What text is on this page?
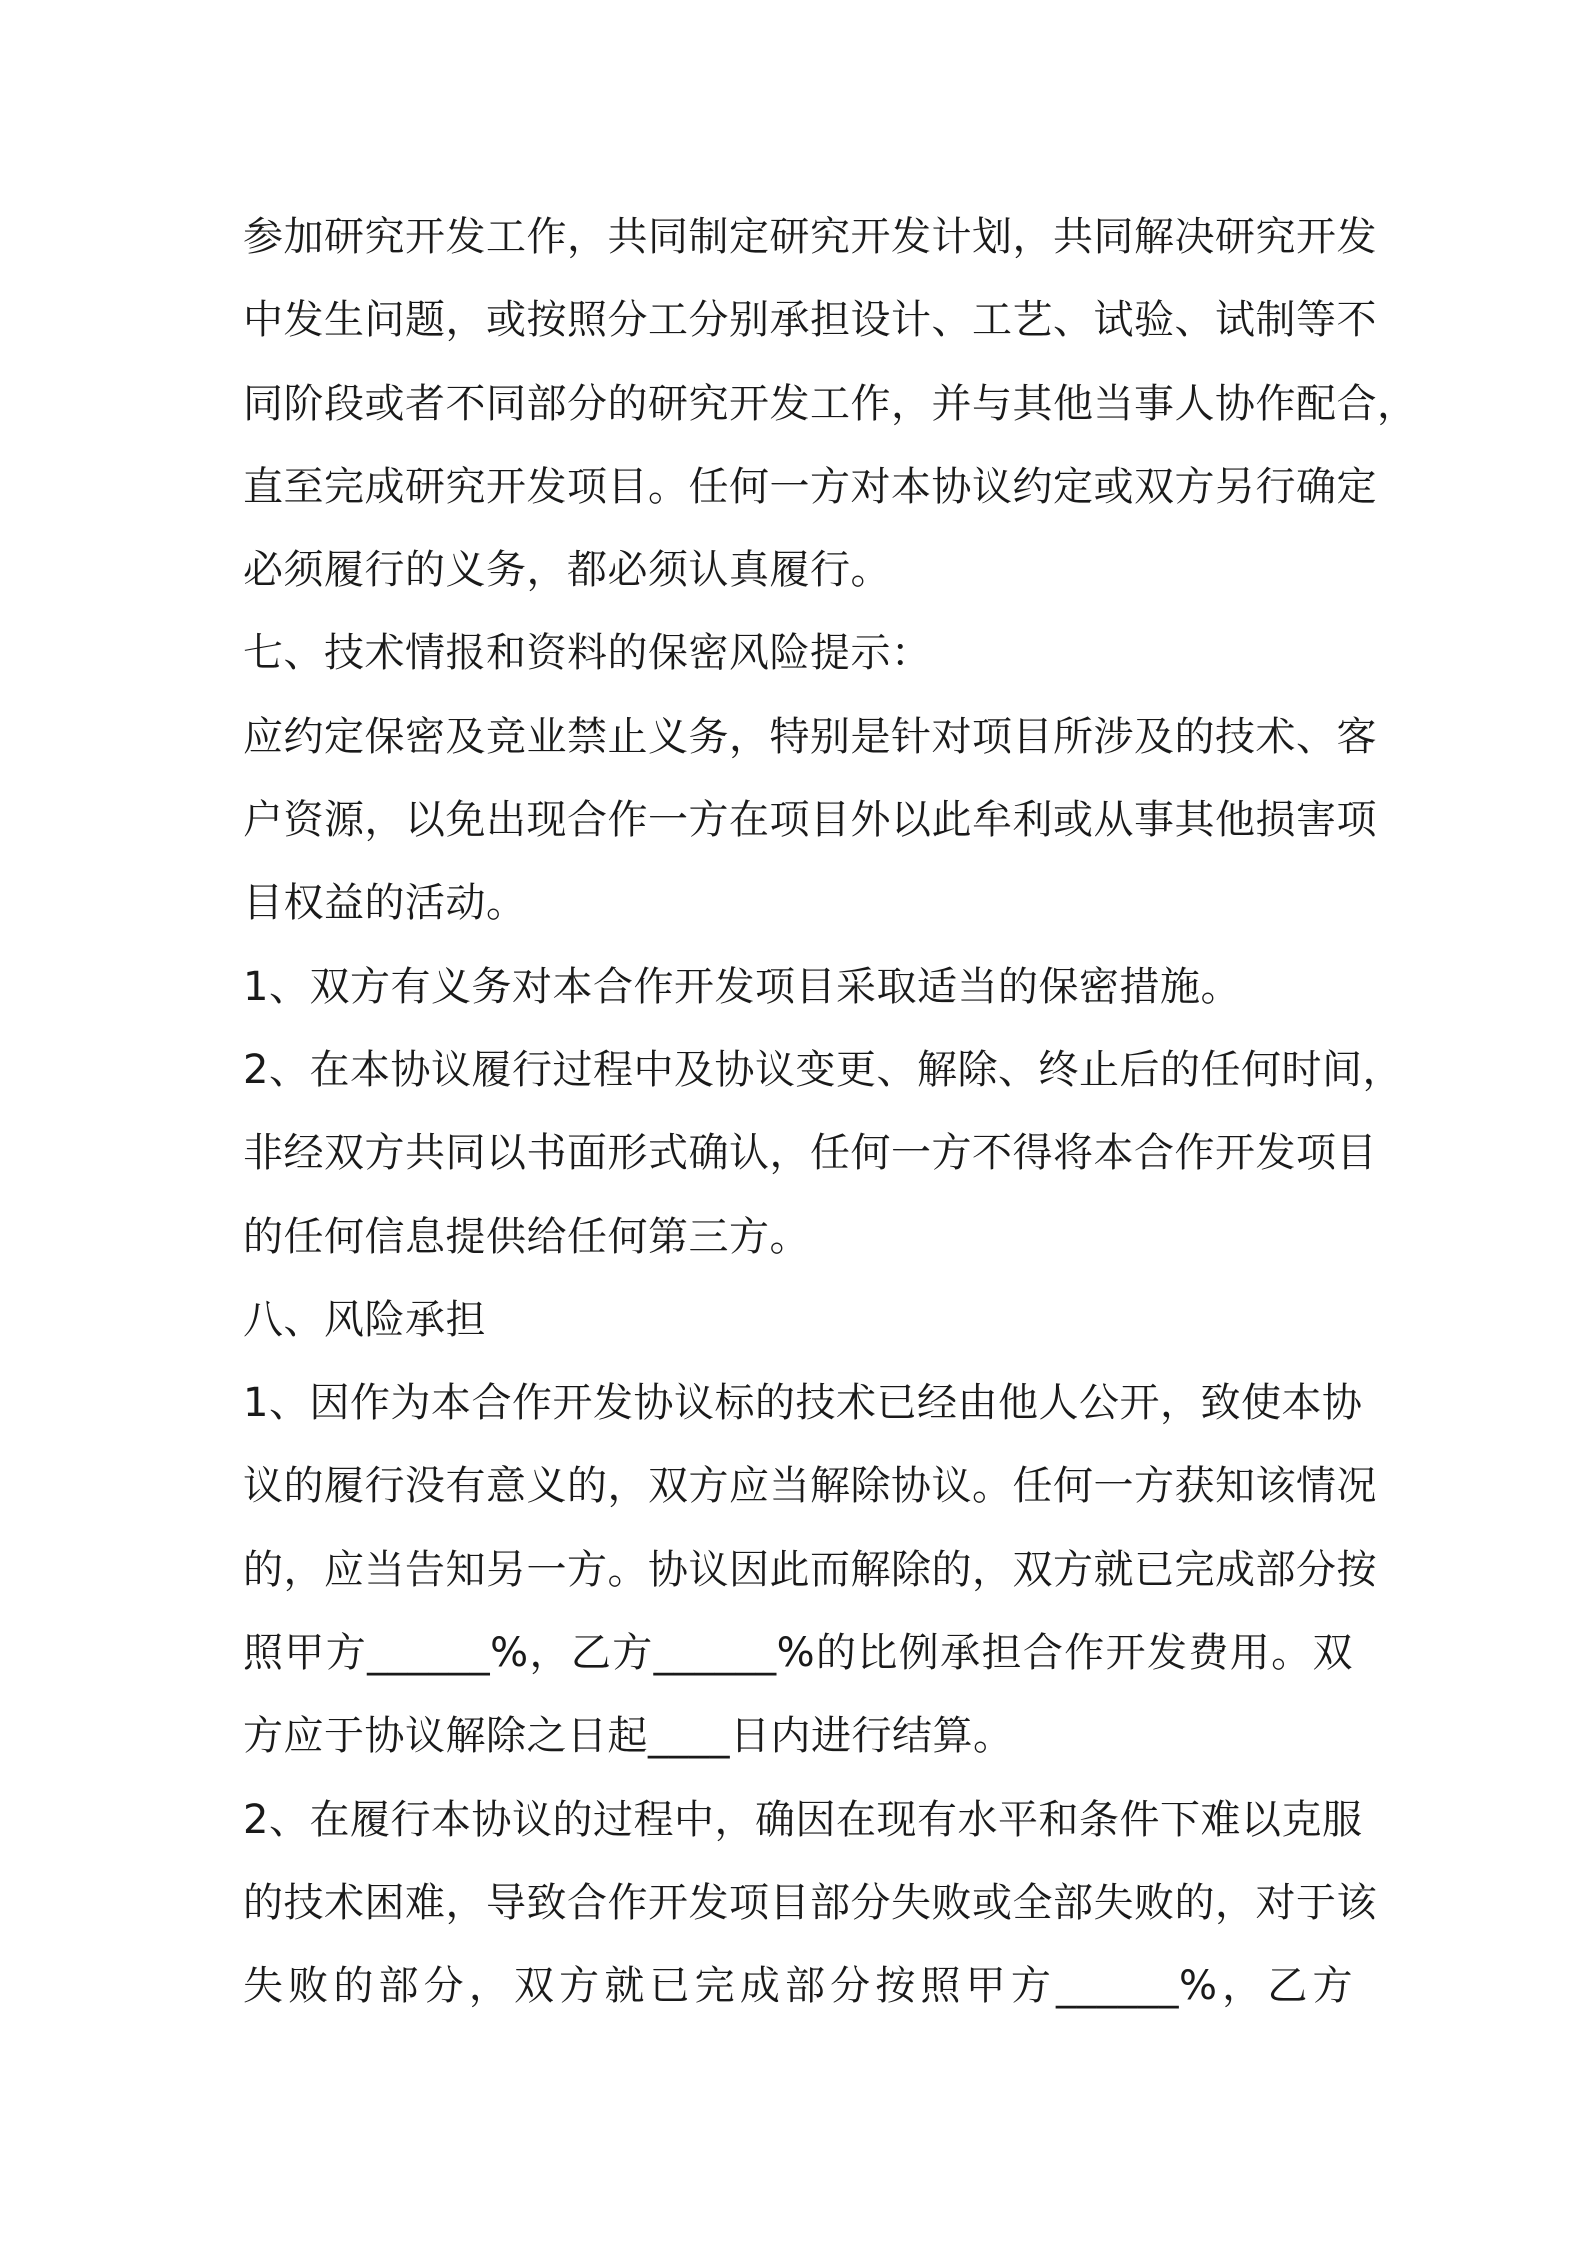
参加研究开发工作，共同制定研究开发计划，共同解决研究开发
中发生问题，或按照分工分别承担设计、工艺、试验、试制等不
同阶段或者不同部分的研究开发工作，并与其他当事人协作配合，
直至完成研究开发项目。任何一方对本协议约定或双方另行确定
必须履行的义务，都必须认真履行。
七、技术情报和资料的保密风险提示：
应约定保密及竞业禁止义务，特别是针对项目所涉及的技术、客
户资源，以免出现合作一方在项目外以此牟利或从事其他损害项
目权益的活动。
1、双方有义务对本合作开发项目采取适当的保密措施。
2、在本协议履行过程中及协议变更、解除、终止后的任何时间，
非经双方共同以书面形式确认，任何一方不得将本合作开发项目
的任何信息提供给任何第三方。
八、风险承担
1、因作为本合作开发协议标的技术已经由他人公开，致使本协
议的履行没有意义的，双方应当解除协议。任何一方获知该情况
的，应当告知另一方。协议因此而解除的，双方就已完成部分按
照甲方______%，乙方______%的比例承担合作开发费用。双
方应于协议解除之日起____日内进行结算。
2、在履行本协议的过程中，确因在现有水平和条件下难以克服
的技术困难，导致合作开发项目部分失败或全部失败的，对于该
失败的部分，双方就已完成部分按照甲方______%，乙方
